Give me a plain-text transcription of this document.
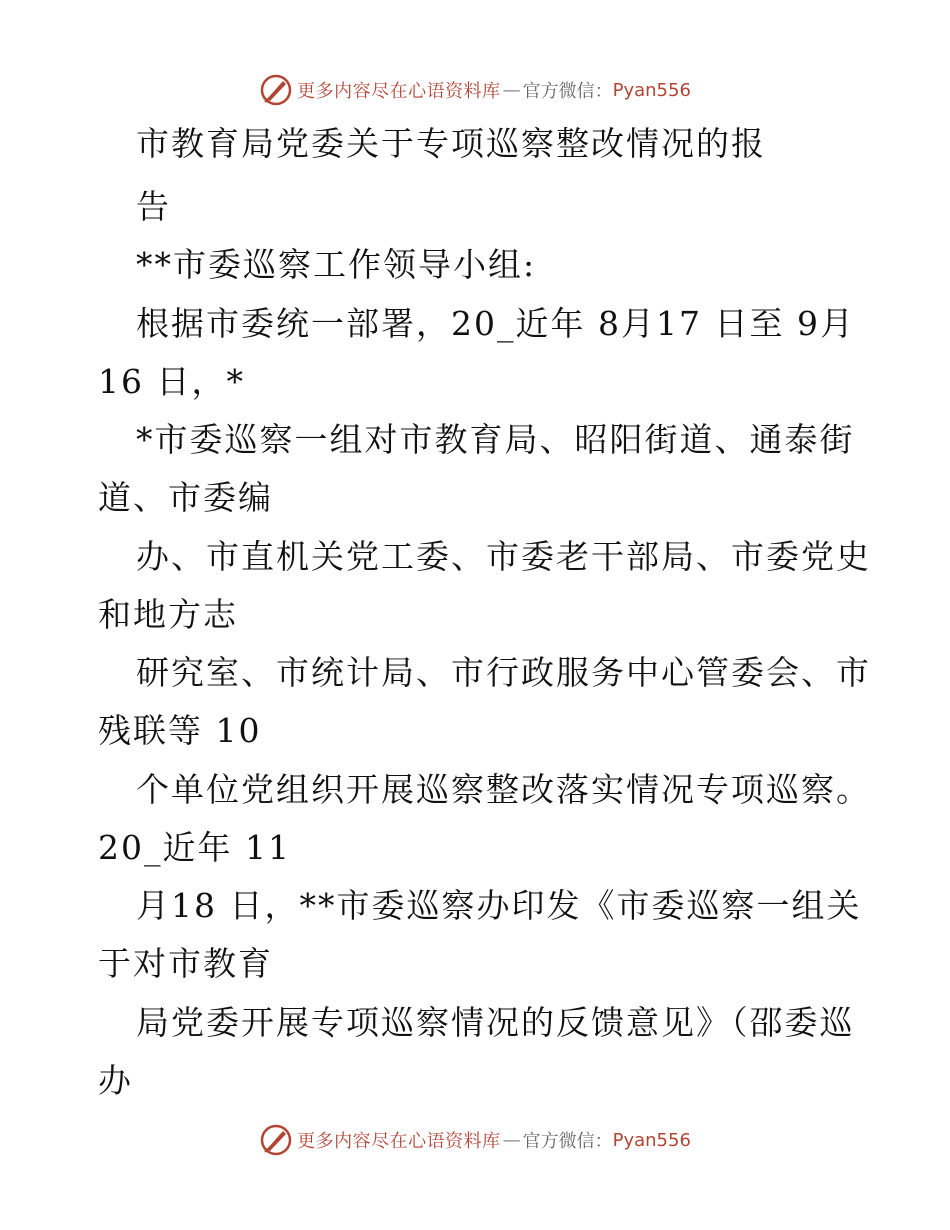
更多内容尽在心语资料库 — 官方微信： Pyan556
市教育局党委关于专项巡察整改情况的报
告
**市委巡察工作领导小组:
根据市委统一部署，20_近年 8月17 日至 9月
16 日，*
*市委巡察一组对市教育局、昭阳街道、通泰街
道、市委编
办、市直机关党工委、市委老干部局、市委党史
和地方志
研究室、市统计局、市行政服务中心管委会、市
残联等 10
个单位党组织开展巡察整改落实情况专项巡察。
20_近年 11
月18 日，**市委巡察办印发《市委巡察一组关
于对市教育
局党委开展专项巡察情况的反馈意见》（邵委巡
办
更多内容尽在心语资料库 — 官方微信： Pyan556
